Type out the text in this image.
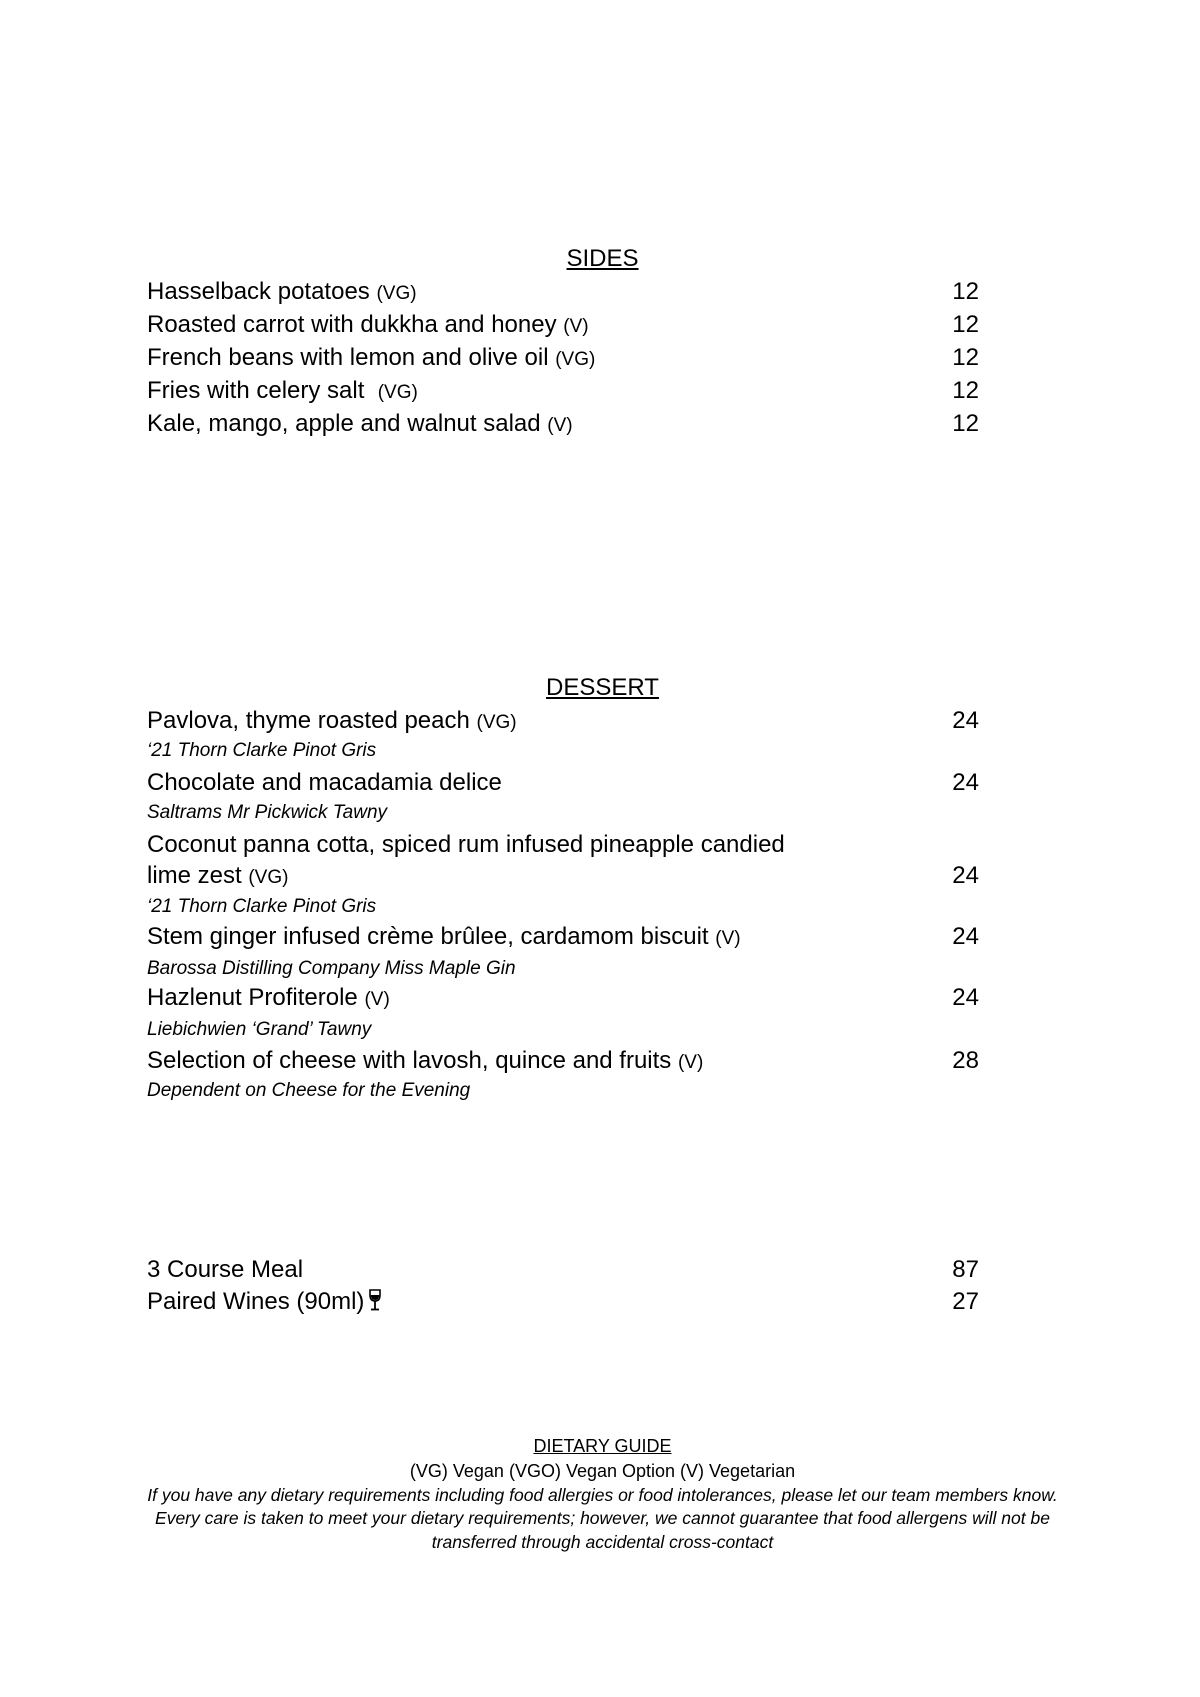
SIDES
Hasselback potatoes (VG)	12
Roasted carrot with dukkha and honey (V)	12
French beans with lemon and olive oil (VG)	12
Fries with celery salt  (VG)	12
Kale, mango, apple and walnut salad (V)	12
DESSERT
Pavlova, thyme roasted peach (VG)	24
‘21 Thorn Clarke Pinot Gris
Chocolate and macadamia delice	24
Saltrams Mr Pickwick Tawny
Coconut panna cotta, spiced rum infused pineapple candied
lime zest (VG)	24
‘21 Thorn Clarke Pinot Gris
Stem ginger infused crème brûlee, cardamom biscuit (V)	24
Barossa Distilling Company Miss Maple Gin
Hazlenut Profiterole (V)	24
Liebichwien ‘Grand’ Tawny
Selection of cheese with lavosh, quince and fruits (V)	28
Dependent on Cheese for the Evening
3 Course Meal	87
Paired Wines (90ml)	27
DIETARY GUIDE
(VG) Vegan (VGO) Vegan Option (V) Vegetarian
If you have any dietary requirements including food allergies or food intolerances, please let our team members know.
Every care is taken to meet your dietary requirements; however, we cannot guarantee that food allergens will not be
transferred through accidental cross-contact
